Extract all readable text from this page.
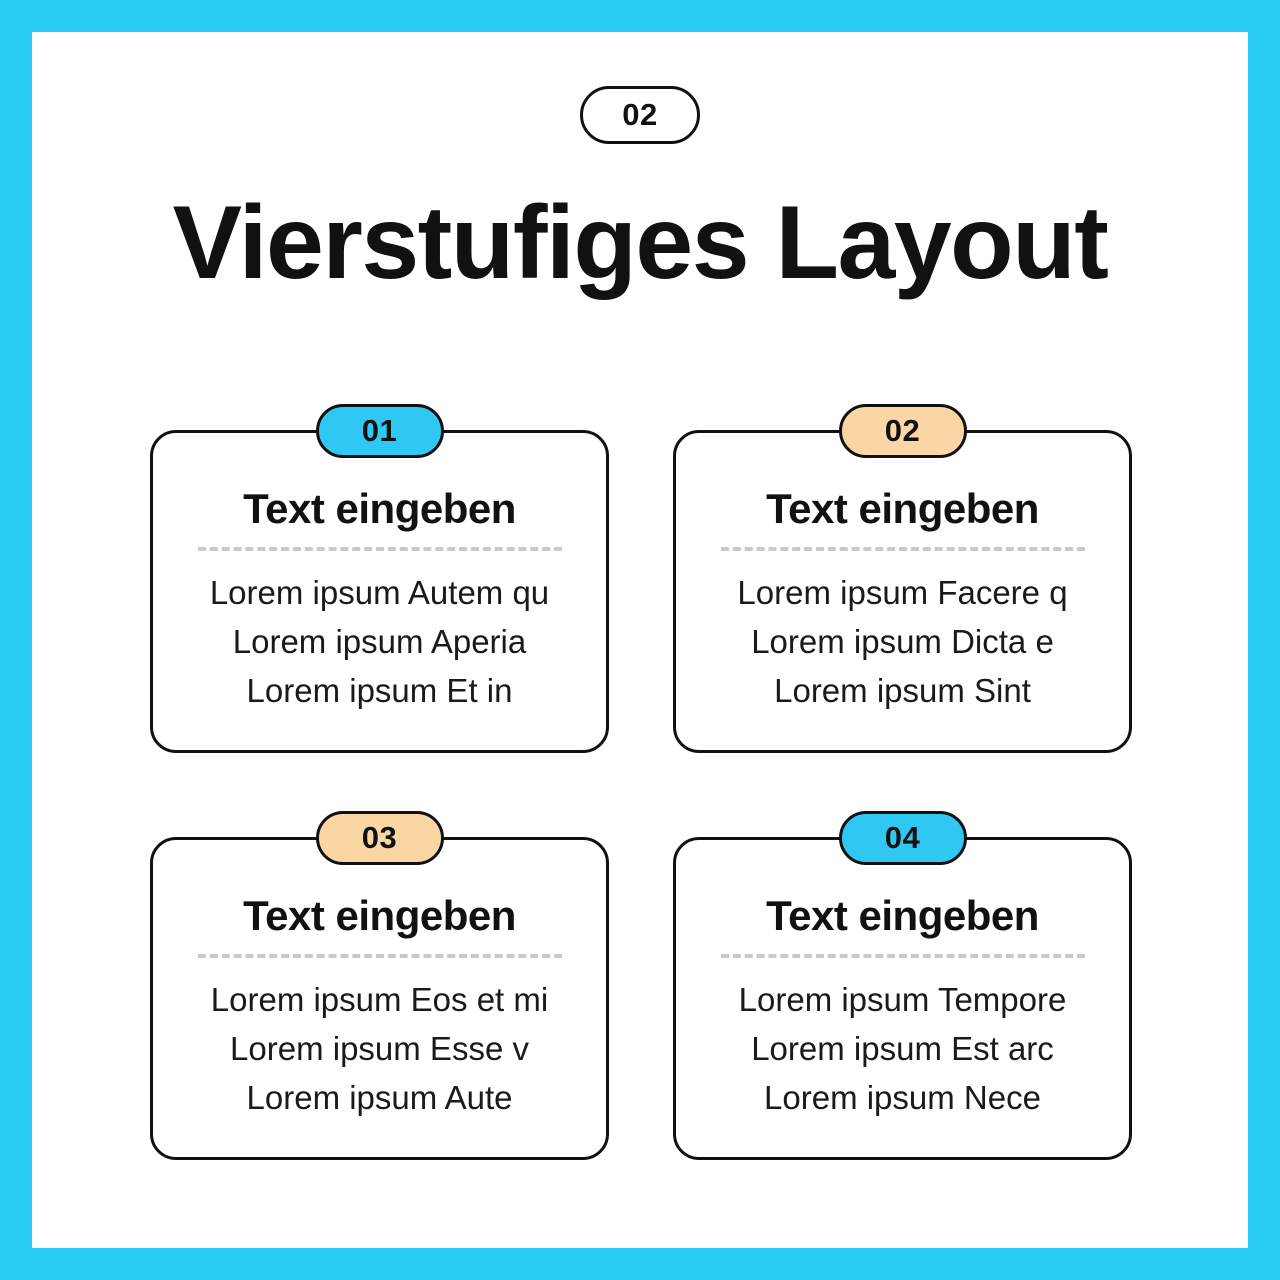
02
Vierstufiges Layout
01
Text eingeben
Lorem ipsum Autem qu
Lorem ipsum Aperia
Lorem ipsum Et in
02
Text eingeben
Lorem ipsum Facere q
Lorem ipsum Dicta e
Lorem ipsum Sint
03
Text eingeben
Lorem ipsum Eos et mi
Lorem ipsum Esse v
Lorem ipsum Aute
04
Text eingeben
Lorem ipsum Tempore
Lorem ipsum Est arc
Lorem ipsum Nece
